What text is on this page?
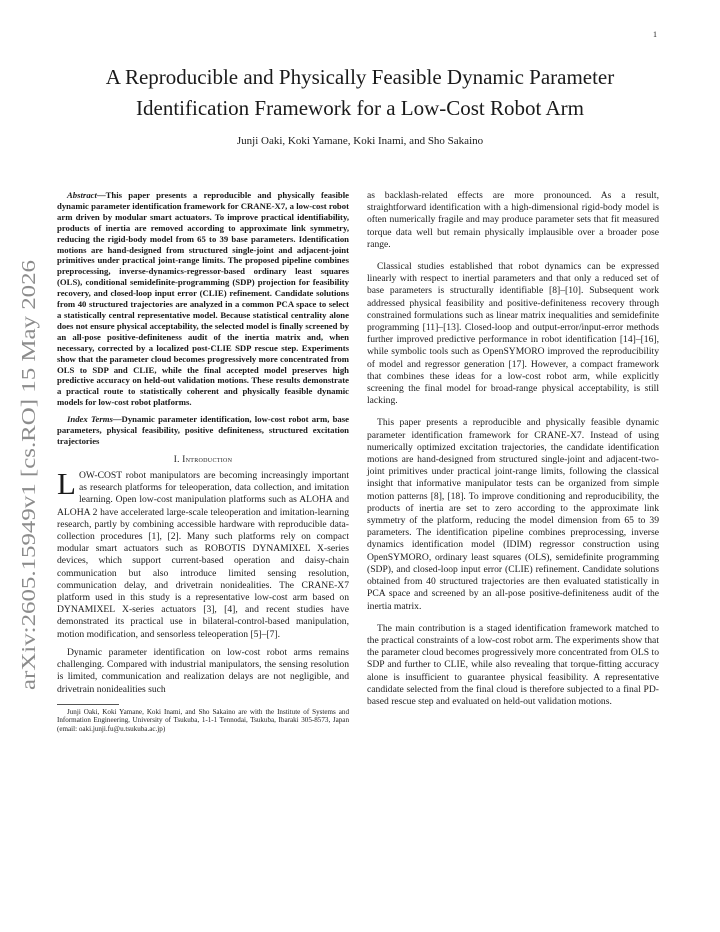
1
arXiv:2605.15949v1 [cs.RO] 15 May 2026
A Reproducible and Physically Feasible Dynamic Parameter
Identification Framework for a Low-Cost Robot Arm
Junji Oaki, Koki Yamane, Koki Inami, and Sho Sakaino

Abstract—This paper presents a reproducible and physically feasible dynamic parameter identification framework for CRANE-X7, a low-cost robot arm driven by modular smart actuators. To improve practical identifiability, products of inertia are removed according to approximate link symmetry, reducing the rigid-body model from 65 to 39 base parameters. Identification motions are hand-designed from structured single-joint and adjacent-joint primitives under practical joint-range limits. The proposed pipeline combines preprocessing, inverse-dynamics-regressor-based ordinary least squares (OLS), conditional semidefinite-programming (SDP) projection for feasibility recovery, and closed-loop input error (CLIE) refinement. Candidate solutions from 40 structured trajectories are analyzed in a common PCA space to select a statistically central representative model. Because statistical centrality alone does not ensure physical acceptability, the selected model is finally screened by an all-pose positive-definiteness audit of the inertia matrix and, when necessary, corrected by a localized post-CLIE SDP rescue step. Experiments show that the parameter cloud becomes progressively more concentrated from OLS to SDP and CLIE, while the final accepted model preserves high predictive accuracy on held-out validation motions. These results demonstrate a practical route to statistically coherent and physically feasible dynamic models for low-cost robot platforms.

Index Terms—Dynamic parameter identification, low-cost robot arm, base parameters, physical feasibility, positive definiteness, structured excitation trajectories

I. Introduction

LOW-COST robot manipulators are becoming increasingly important as research platforms for teleoperation, data collection, and imitation learning. Open low-cost manipulation platforms such as ALOHA and ALOHA 2 have accelerated large-scale teleoperation and imitation-learning research, partly by combining accessible hardware with reproducible data-collection procedures [1], [2]. Many such platforms rely on compact modular smart actuators such as ROBOTIS DYNAMIXEL X-series devices, which support current-based operation and daisy-chain communication but also introduce limited sensing resolution, communication delay, and drivetrain nonidealities. The CRANE-X7 platform used in this study is a representative low-cost arm based on DYNAMIXEL X-series actuators [3], [4], and recent studies have demonstrated its practical use in bilateral-control-based manipulation, motion modification, and sensorless teleoperation [5]–[7].

Dynamic parameter identification on low-cost robot arms remains challenging. Compared with industrial manipulators, the sensing resolution is limited, communication and realization delays are not negligible, and drivetrain nonidealities such

Junji Oaki, Koki Yamane, Koki Inami, and Sho Sakaino are with the Institute of Systems and Information Engineering, University of Tsukuba, 1-1-1 Tennodai, Tsukuba, Ibaraki 305-8573, Japan (email: oaki.junji.fu@u.tsukuba.ac.jp)

as backlash-related effects are more pronounced. As a result, straightforward identification with a high-dimensional rigid-body model is often numerically fragile and may produce parameter sets that fit measured torque data well but remain physically implausible over a broader pose range.

Classical studies established that robot dynamics can be expressed linearly with respect to inertial parameters and that only a reduced set of base parameters is structurally identifiable [8]–[10]. Subsequent work addressed physical feasibility and positive-definiteness recovery through constrained formulations such as linear matrix inequalities and semidefinite programming [11]–[13]. Closed-loop and output-error/input-error methods further improved predictive performance in robot identification [14]–[16], while symbolic tools such as OpenSYMORO improved the reproducibility of model and regressor generation [17]. However, a compact framework that combines these ideas for a low-cost robot arm, while explicitly screening the final model for broad-range physical acceptability, is still lacking.

This paper presents a reproducible and physically feasible dynamic parameter identification framework for CRANE-X7. Instead of using numerically optimized excitation trajectories, the candidate identification motions are hand-designed from structured single-joint and adjacent-two-joint primitives under practical joint-range limits, following the classical insight that informative manipulator tests can be organized from simple motion patterns [8], [18]. To improve conditioning and reproducibility, the products of inertia are set to zero according to the approximate link symmetry of the platform, reducing the model dimension from 65 to 39 parameters. The identification pipeline combines preprocessing, inverse dynamics identification model (IDIM) regressor construction using OpenSYMORO, ordinary least squares (OLS), semidefinite programming (SDP), and closed-loop input error (CLIE) refinement. Candidate solutions obtained from 40 structured trajectories are then evaluated statistically in PCA space and screened by an all-pose positive-definiteness audit of the inertia matrix.

The main contribution is a staged identification framework matched to the practical constraints of a low-cost robot arm. The experiments show that the parameter cloud becomes progressively more concentrated from OLS to SDP and further to CLIE, while also revealing that torque-fitting accuracy alone is insufficient to guarantee physical feasibility. A representative candidate selected from the final cloud is therefore subjected to a final PD-based rescue step and evaluated on held-out validation motions.
